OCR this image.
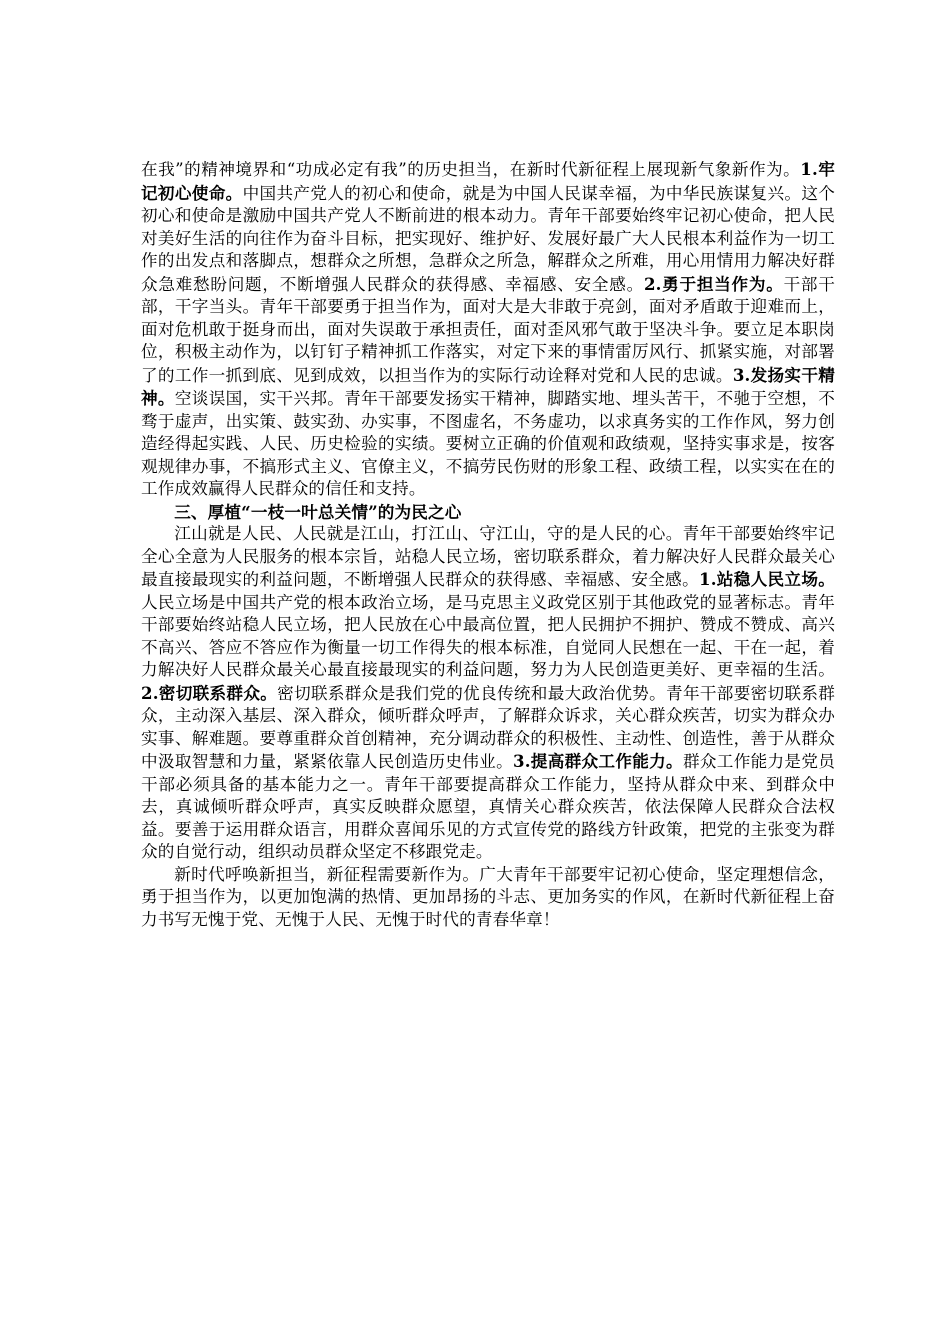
在我”的精神境界和“功成必定有我”的历史担当，在新时代新征程上展现新气象新作为。1.牢记初心使命。中国共产党人的初心和使命，就是为中国人民谋幸福，为中华民族谋复兴。这个初心和使命是激励中国共产党人不断前进的根本动力。青年干部要始终牢记初心使命，把人民对美好生活的向往作为奋斗目标，把实现好、维护好、发展好最广大人民根本利益作为一切工作的出发点和落脚点，想群众之所想，急群众之所急，解群众之所难，用心用情用力解决好群众急难愁盼问题，不断增强人民群众的获得感、幸福感、安全感。2.勇于担当作为。干部干部，干字当头。青年干部要勇于担当作为，面对大是大非敢于亮剑，面对矛盾敢于迎难而上，面对危机敢于挺身而出，面对失误敢于承担责任，面对歪风邪气敢于坚决斗争。要立足本职岗位，积极主动作为，以钉钉子精神抓工作落实，对定下来的事情雷厉风行、抓紧实施，对部署了的工作一抓到底、见到成效，以担当作为的实际行动诠释对党和人民的忠诚。3.发扬实干精神。空谈误国，实干兴邦。青年干部要发扬实干精神，脚踏实地、埋头苦干，不驰于空想，不骛于虚声，出实策、鼓实劲、办实事，不图虚名，不务虚功，以求真务实的工作作风，努力创造经得起实践、人民、历史检验的实绩。要树立正确的价值观和政绩观，坚持实事求是，按客观规律办事，不搞形式主义、官僚主义，不搞劳民伤财的形象工程、政绩工程，以实实在在的工作成效赢得人民群众的信任和支持。

三、厚植“一枝一叶总关情”的为民之心

江山就是人民、人民就是江山，打江山、守江山，守的是人民的心。青年干部要始终牢记全心全意为人民服务的根本宗旨，站稳人民立场，密切联系群众，着力解决好人民群众最关心最直接最现实的利益问题，不断增强人民群众的获得感、幸福感、安全感。1.站稳人民立场。人民立场是中国共产党的根本政治立场，是马克思主义政党区别于其他政党的显著标志。青年干部要始终站稳人民立场，把人民放在心中最高位置，把人民拥护不拥护、赞成不赞成、高兴不高兴、答应不答应作为衡量一切工作得失的根本标准，自觉同人民想在一起、干在一起，着力解决好人民群众最关心最直接最现实的利益问题，努力为人民创造更美好、更幸福的生活。2.密切联系群众。密切联系群众是我们党的优良传统和最大政治优势。青年干部要密切联系群众，主动深入基层、深入群众，倾听群众呼声，了解群众诉求，关心群众疾苦，切实为群众办实事、解难题。要尊重群众首创精神，充分调动群众的积极性、主动性、创造性，善于从群众中汲取智慧和力量，紧紧依靠人民创造历史伟业。3.提高群众工作能力。群众工作能力是党员干部必须具备的基本能力之一。青年干部要提高群众工作能力，坚持从群众中来、到群众中去，真诚倾听群众呼声，真实反映群众愿望，真情关心群众疾苦，依法保障人民群众合法权益。要善于运用群众语言，用群众喜闻乐见的方式宣传党的路线方针政策，把党的主张变为群众的自觉行动，组织动员群众坚定不移跟党走。

新时代呼唤新担当，新征程需要新作为。广大青年干部要牢记初心使命，坚定理想信念，勇于担当作为，以更加饱满的热情、更加昂扬的斗志、更加务实的作风，在新时代新征程上奋力书写无愧于党、无愧于人民、无愧于时代的青春华章！
